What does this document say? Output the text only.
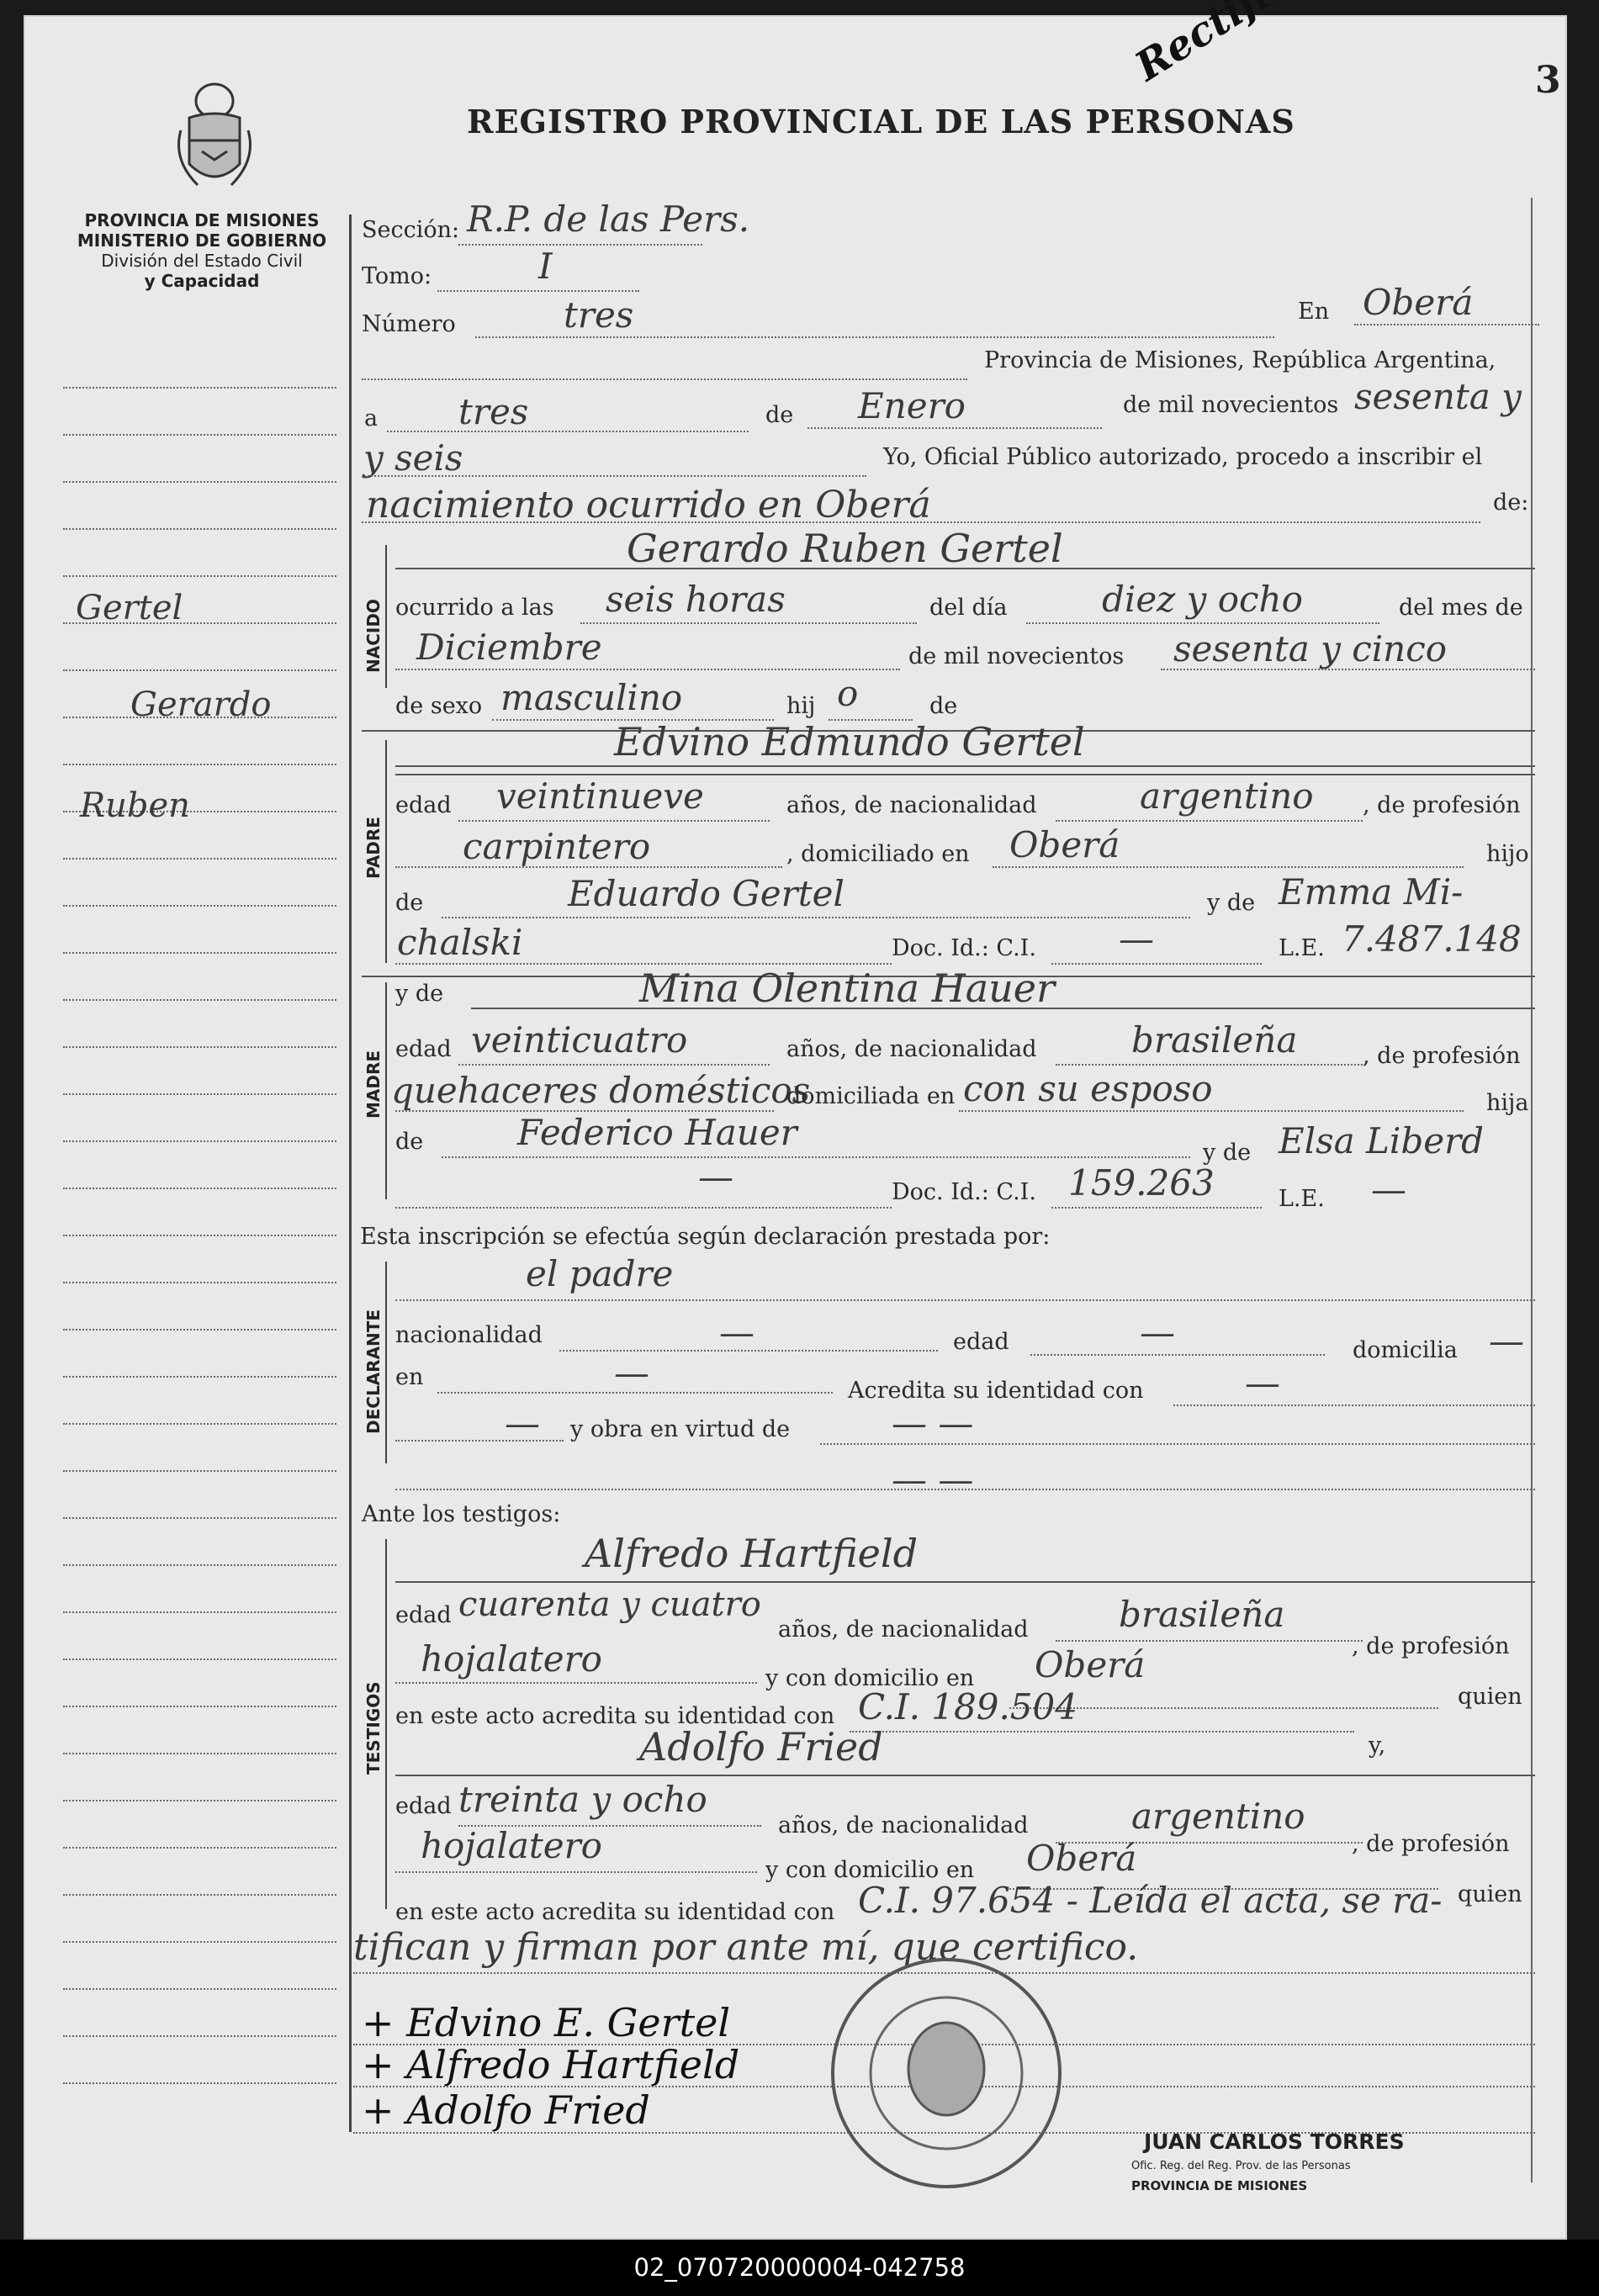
3
REGISTRO PROVINCIAL DE LAS PERSONAS
PROVINCIA DE MISIONES
MINISTERIO DE GOBIERNO
División del Estado Civil
y Capacidad
Gertel
Gerardo
Ruben
Sección: R.P. de las Pers.
Tomo:	I
Número	tres	En Oberá
Provincia de Misiones, República Argentina,
a tres	de Enero	de mil novecientos sesenta y
y seis	Yo, Oficial Público autorizado, procedo a inscribir el
nacimiento ocurrido en Oberá	de:
NACIDO
Gerardo Ruben Gertel
ocurrido a las seis horas	del día	diez y ocho	del mes de
Diciembre	de mil novecientos sesenta y cinco
de sexo masculino	hij o	de
PADRE
Edvino Edmundo Gertel
edad veintinueve	años, de nacionalidad	argentino , de profesión
carpintero	, domiciliado en Oberá	hijo
de	Eduardo Gertel	y de Emma Mi-
chalski	Doc. Id.: C.I. —	L.E. 7.487.148
MADRE
y de	Mina Olentina Hauer
edad veinticuatro	años, de nacionalidad	brasileña	, de profesión
quehaceres domésticos
domiciliada en con su esposo	hija
de	Federico Hauer	y de Elsa Liberd
—	Doc. Id.: C.I. 159.263	L.E. —
Esta inscripción se efectúa según declaración prestada por:
DECLARANTE
el padre
nacionalidad	—	edad	—	domicilia —
en	—	Acredita su identidad con	—
— y obra en virtud de	— —
— —
Ante los testigos:
TESTIGOS
Alfredo Hartfield
edad cuarenta y cuatro
años, de nacionalidad	brasileña
, de profesión
hojalatero	y con domicilio en Oberá
quien
en este acto acredita su identidad con C.I. 189.504
y,
Adolfo Fried
edad treinta y ocho
años, de nacionalidad	argentino
, de profesión
hojalatero
y con domicilio en Oberá
quien
en este acto acredita su identidad con C.I. 97.654 - Leída el acta, se ra-
tifican y firman por ante mí, que certifico.
+ Edvino E. Gertel
+ Alfredo Hartfield
+ Adolfo Fried
JUAN CARLOS TORRES
Ofic. Reg. del Reg. Prov. de las Personas
PROVINCIA DE MISIONES
02_070720000004-042758
